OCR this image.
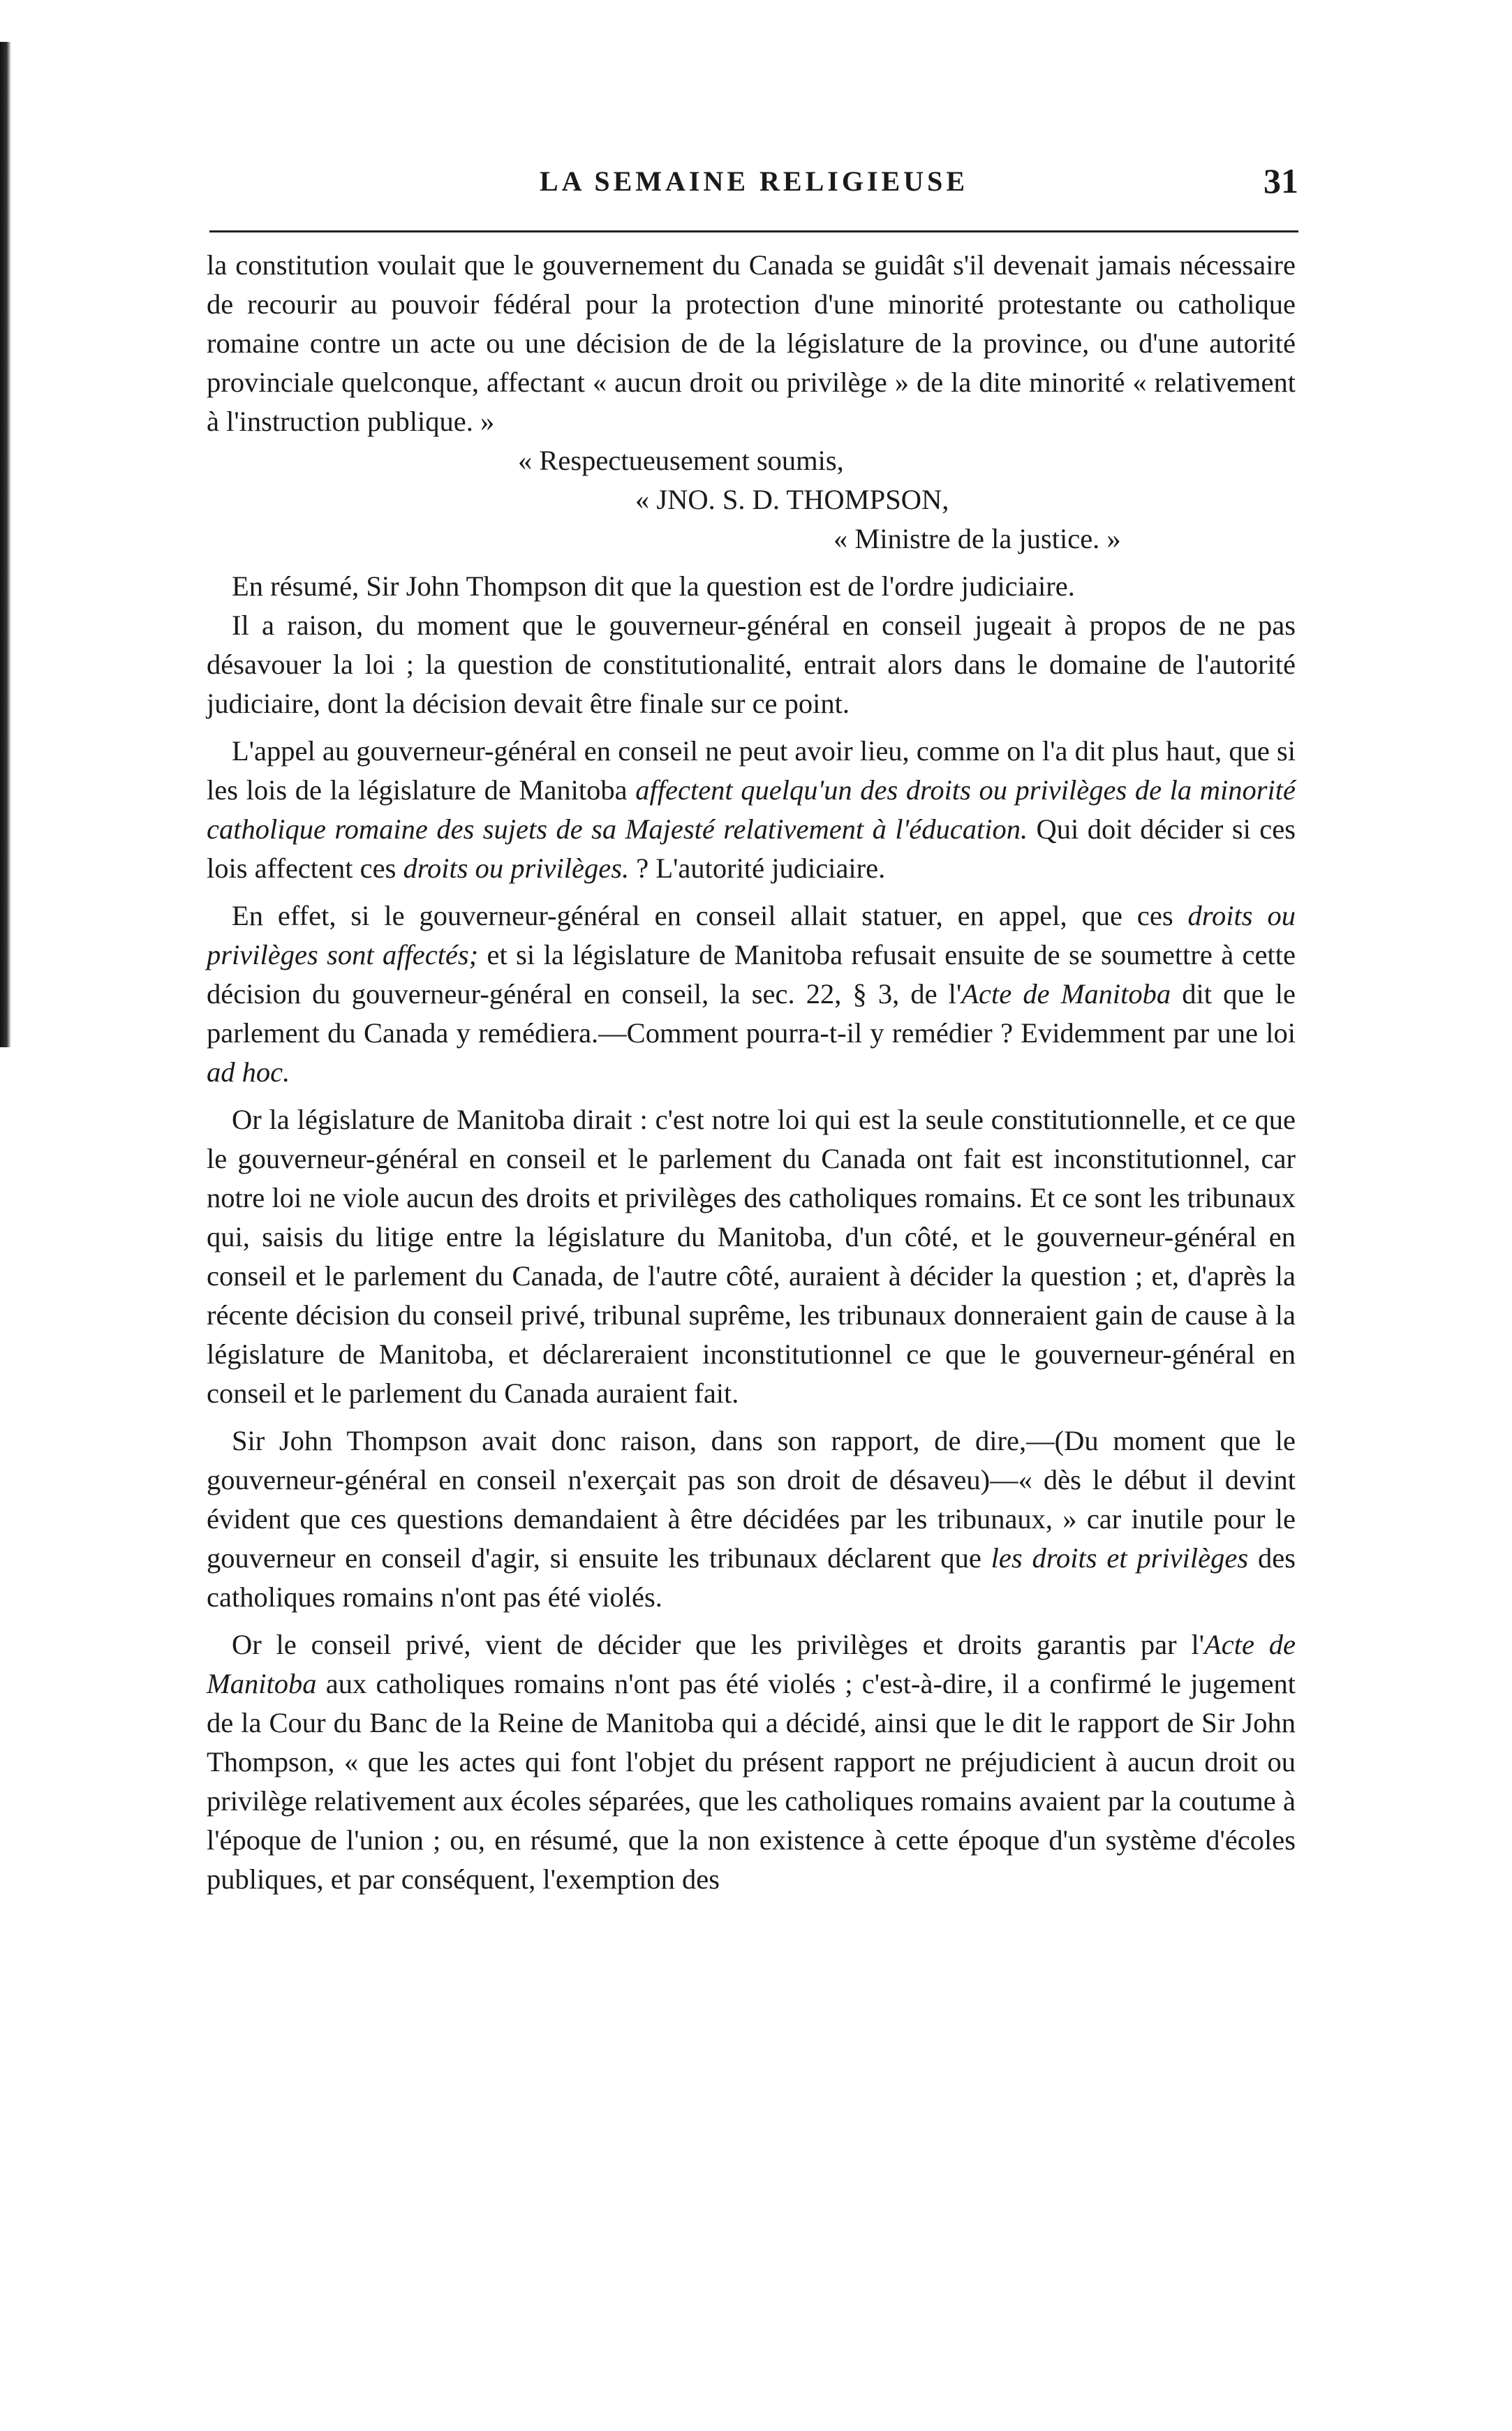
LA SEMAINE RELIGIEUSE	31

la constitution voulait que le gouvernement du Canada se guidât s'il devenait jamais nécessaire de recourir au pouvoir fédéral pour la protection d'une minorité protestante ou catholique romaine contre un acte ou une décision de de la législature de la province, ou d'une autorité provinciale quelconque, affectant « aucun droit ou privilège » de la dite minorité « relativement à l'instruction publique. »

« Respectueusement soumis,

« JNO. S. D. THOMPSON,

« Ministre de la justice. »

En résumé, Sir John Thompson dit que la question est de l'ordre judiciaire.

Il a raison, du moment que le gouverneur-général en conseil jugeait à propos de ne pas désavouer la loi ; la question de constitutionalité, entrait alors dans le domaine de l'autorité judiciaire, dont la décision devait être finale sur ce point.

L'appel au gouverneur-général en conseil ne peut avoir lieu, comme on l'a dit plus haut, que si les lois de la législature de Manitoba affectent quelqu'un des droits ou privilèges de la minorité catholique romaine des sujets de sa Majesté relativement à l'éducation. Qui doit décider si ces lois affectent ces droits ou privilèges. ? L'autorité judiciaire.

En effet, si le gouverneur-général en conseil allait statuer, en appel, que ces droits ou privilèges sont affectés; et si la législature de Manitoba refusait ensuite de se soumettre à cette décision du gouverneur-général en conseil, la sec. 22, § 3, de l'Acte de Manitoba dit que le parlement du Canada y remédiera.—Comment pourra-t-il y remédier ? Evidemment par une loi ad hoc.

Or la législature de Manitoba dirait : c'est notre loi qui est la seule constitutionnelle, et ce que le gouverneur-général en conseil et le parlement du Canada ont fait est inconstitutionnel, car notre loi ne viole aucun des droits et privilèges des catholiques romains. Et ce sont les tribunaux qui, saisis du litige entre la législature du Manitoba, d'un côté, et le gouverneur-général en conseil et le parlement du Canada, de l'autre côté, auraient à décider la question ; et, d'après la récente décision du conseil privé, tribunal suprême, les tribunaux donneraient gain de cause à la législature de Manitoba, et déclareraient inconstitutionnel ce que le gouverneur-général en conseil et le parlement du Canada auraient fait.

Sir John Thompson avait donc raison, dans son rapport, de dire,—(Du moment que le gouverneur-général en conseil n'exerçait pas son droit de désaveu)—« dès le début il devint évident que ces questions demandaient à être décidées par les tribunaux, » car inutile pour le gouverneur en conseil d'agir, si ensuite les tribunaux déclarent que les droits et privilèges des catholiques romains n'ont pas été violés.

Or le conseil privé, vient de décider que les privilèges et droits garantis par l'Acte de Manitoba aux catholiques romains n'ont pas été violés ; c'est-à-dire, il a confirmé le jugement de la Cour du Banc de la Reine de Manitoba qui a décidé, ainsi que le dit le rapport de Sir John Thompson, « que les actes qui font l'objet du présent rapport ne préjudicient à aucun droit ou privilège relativement aux écoles séparées, que les catholiques romains avaient par la coutume à l'époque de l'union ; ou, en résumé, que la non existence à cette époque d'un système d'écoles publiques, et par conséquent, l'exemption des
